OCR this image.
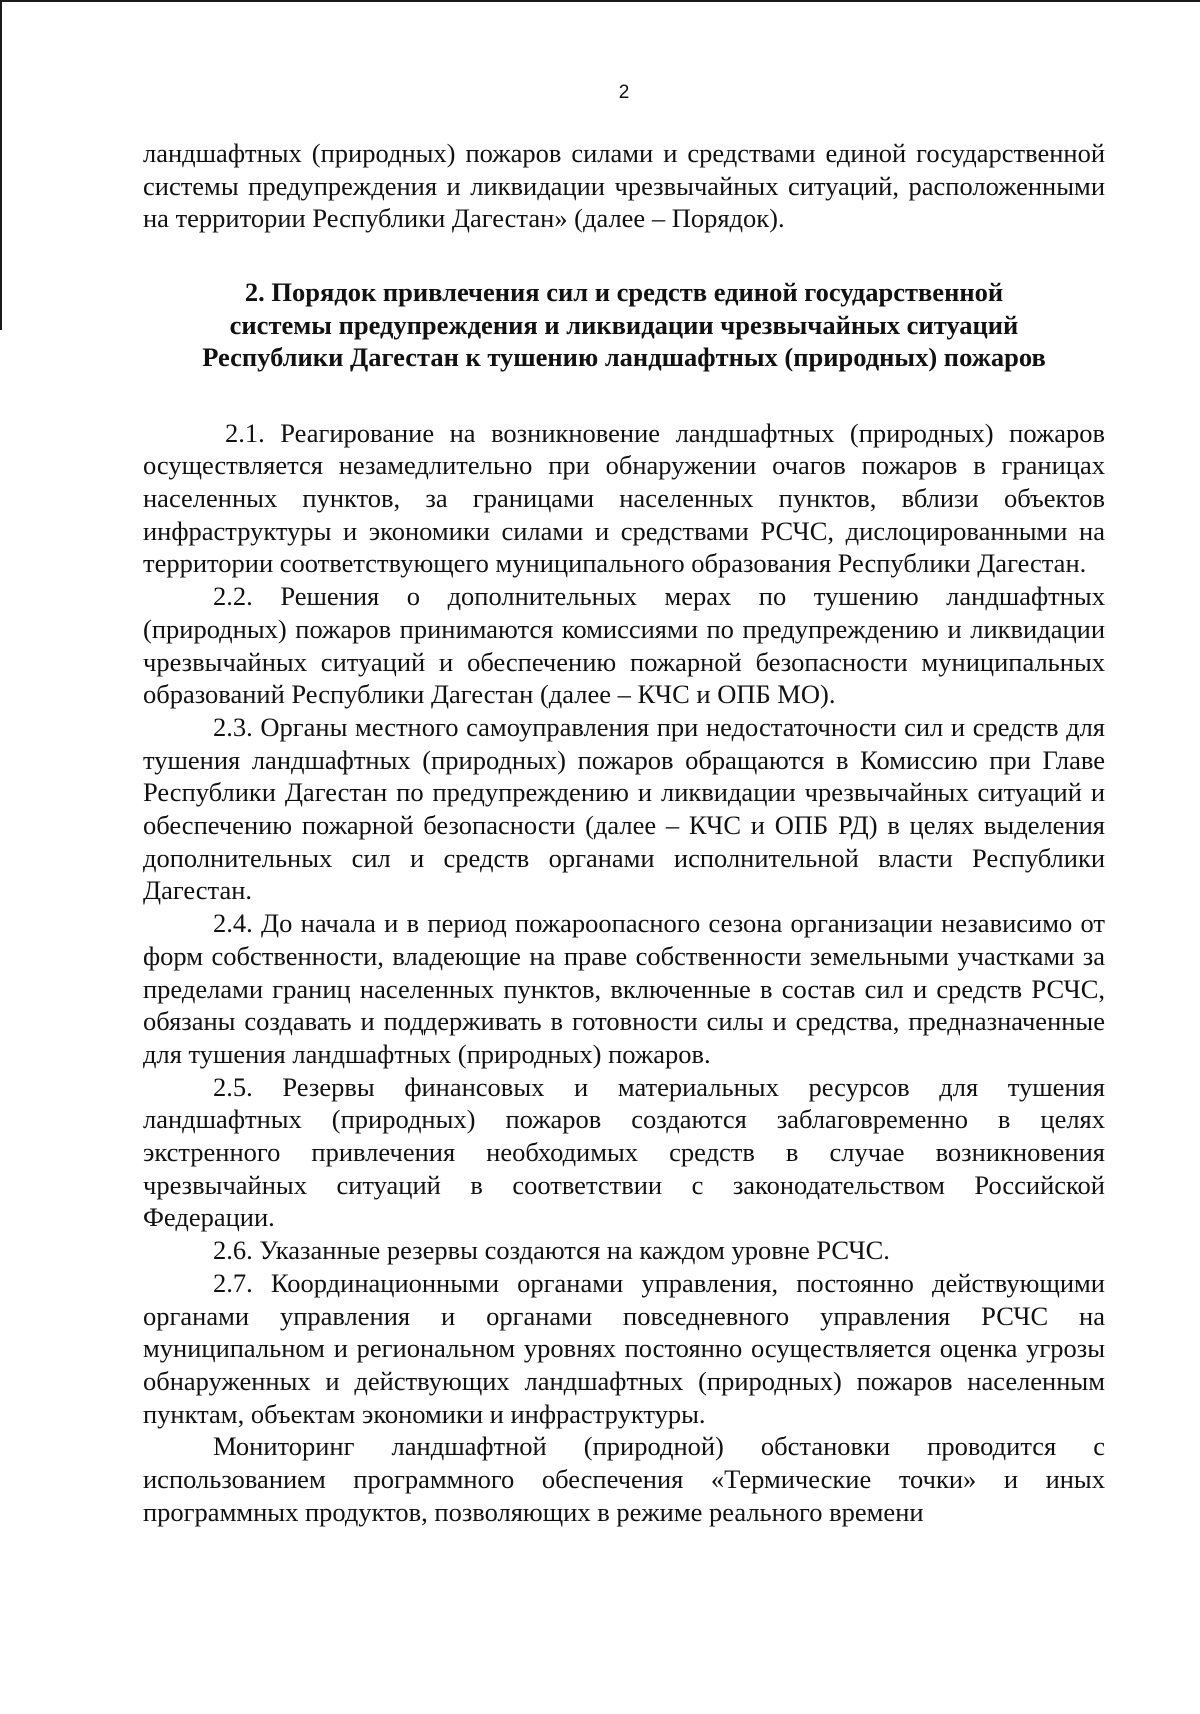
2

ландшафтных (природных) пожаров силами и средствами единой государственной системы предупреждения и ликвидации чрезвычайных ситуаций, расположенными на территории Республики Дагестан» (далее – Порядок).

2. Порядок привлечения сил и средств единой государственной
системы предупреждения и ликвидации чрезвычайных ситуаций
Республики Дагестан к тушению ландшафтных (природных) пожаров

2.1. Реагирование на возникновение ландшафтных (природных) пожаров осуществляется незамедлительно при обнаружении очагов пожаров в границах населенных пунктов, за границами населенных пунктов, вблизи объектов инфраструктуры и экономики силами и средствами РСЧС, дислоцированными на территории соответствующего муниципального образования Республики Дагестан.

2.2. Решения о дополнительных мерах по тушению ландшафтных (природных) пожаров принимаются комиссиями по предупреждению и ликвидации чрезвычайных ситуаций и обеспечению пожарной безопасности муниципальных образований Республики Дагестан (далее – КЧС и ОПБ МО).

2.3. Органы местного самоуправления при недостаточности сил и средств для тушения ландшафтных (природных) пожаров обращаются в Комиссию при Главе Республики Дагестан по предупреждению и ликвидации чрезвычайных ситуаций и обеспечению пожарной безопасности (далее – КЧС и ОПБ РД) в целях выделения дополнительных сил и средств органами исполнительной власти Республики Дагестан.

2.4. До начала и в период пожароопасного сезона организации независимо от форм собственности, владеющие на праве собственности земельными участками за пределами границ населенных пунктов, включенные в состав сил и средств РСЧС, обязаны создавать и поддерживать в готовности силы и средства, предназначенные для тушения ландшафтных (природных) пожаров.

2.5. Резервы финансовых и материальных ресурсов для тушения ландшафтных (природных) пожаров создаются заблаговременно в целях экстренного привлечения необходимых средств в случае возникновения чрезвычайных ситуаций в соответствии с законодательством Российской Федерации.

2.6. Указанные резервы создаются на каждом уровне РСЧС.

2.7. Координационными органами управления, постоянно действующими органами управления и органами повседневного управления РСЧС на муниципальном и региональном уровнях постоянно осуществляется оценка угрозы обнаруженных и действующих ландшафтных (природных) пожаров населенным пунктам, объектам экономики и инфраструктуры.

Мониторинг ландшафтной (природной) обстановки проводится с использованием программного обеспечения «Термические точки» и иных программных продуктов, позволяющих в режиме реального времени
